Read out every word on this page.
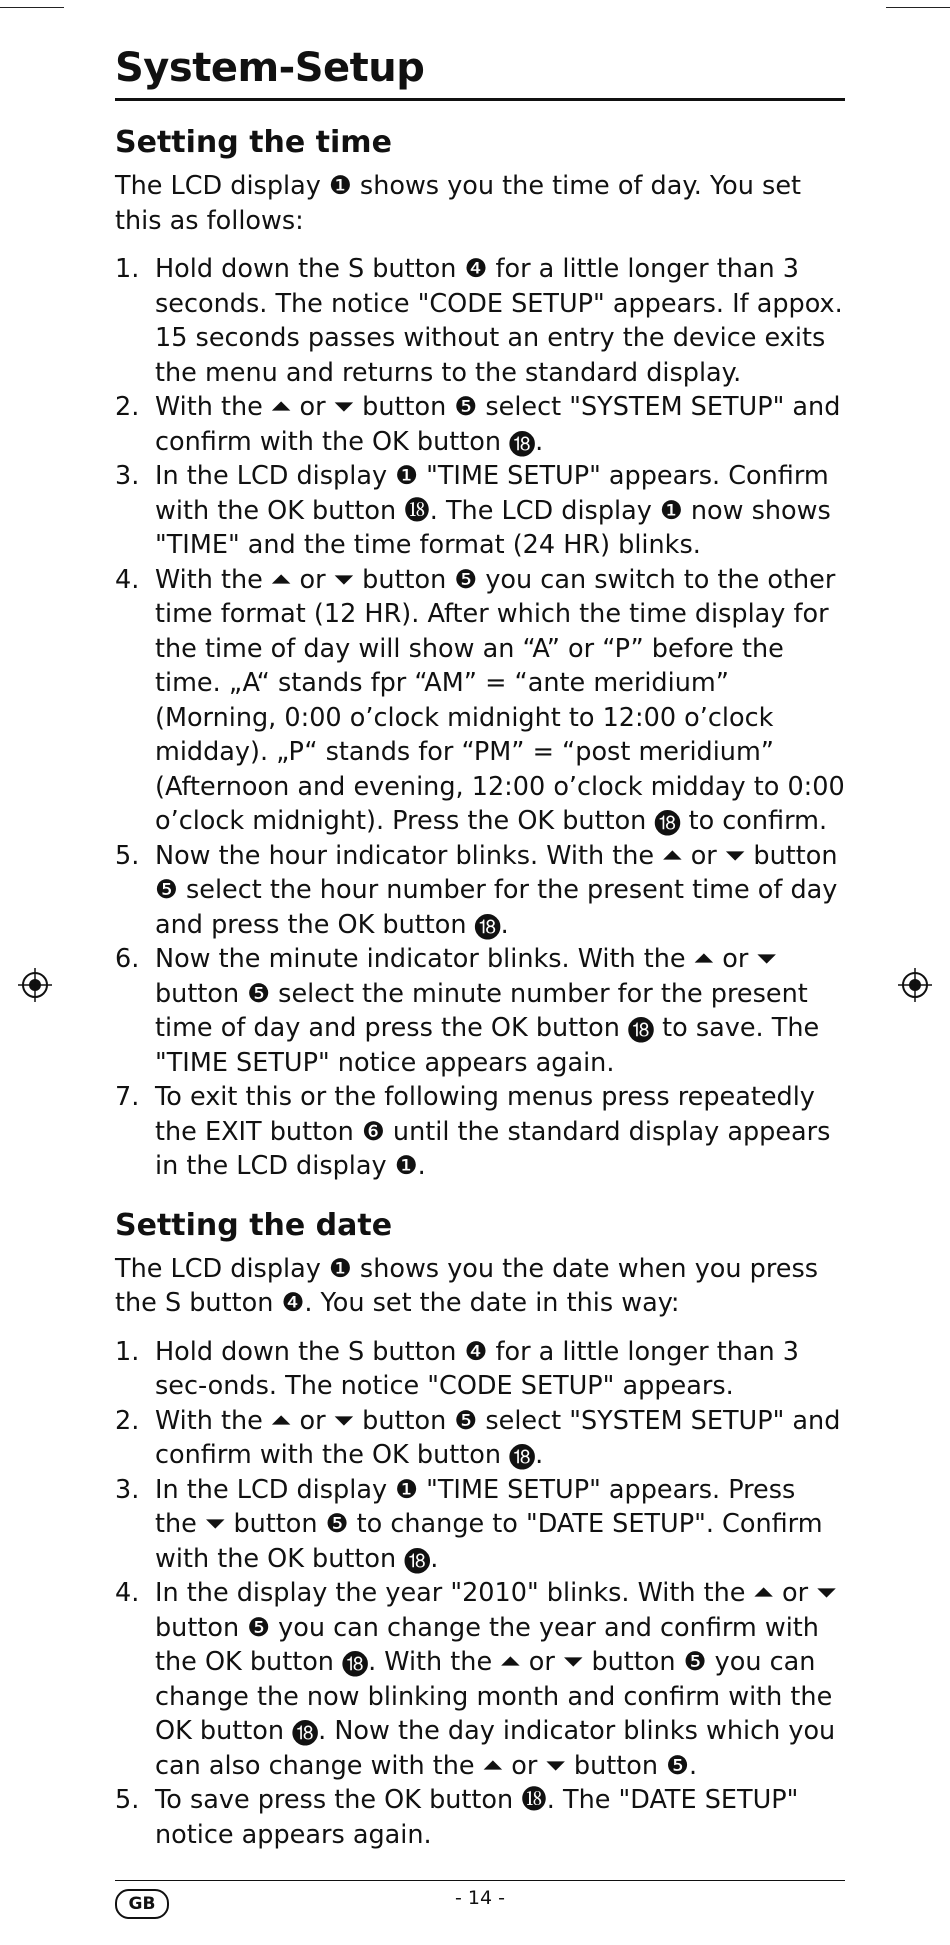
System-Setup
Setting the time

The LCD display ❶ shows you the time of day. You set this as follows:

1. Hold down the S button ❹ for a little longer than 3 seconds. The notice "CODE SETUP" appears. If appox. 15 seconds passes without an entry the device exits the menu and returns to the standard display.
2. With the ⏶ or ⏷ button ❺ select "SYSTEM SETUP" and confirm with the OK button ⓲.
3. In the LCD display ❶ "TIME SETUP" appears. Confirm with the OK button ⓲. The LCD display ❶ now shows "TIME" and the time format (24 HR) blinks.
4. With the ⏶ or ⏷ button ❺ you can switch to the other time format (12 HR). After which the time display for the time of day will show an “A” or “P” before the time. „A“ stands fpr “AM” = “ante meridium” (Morning, 0:00 o’clock midnight to 12:00 o’clock midday). „P“ stands for “PM” = “post meridium” (Afternoon and evening, 12:00 o’clock midday to 0:00 o’clock midnight). Press the OK button ⓲ to confirm.
5. Now the hour indicator blinks. With the ⏶ or ⏷ button ❺ select the hour number for the present time of day and press the OK button ⓲.
6. Now the minute indicator blinks. With the ⏶ or ⏷ button ❺ select the minute number for the present time of day and press the OK button ⓲ to save. The "TIME SETUP" notice appears again.
7. To exit this or the following menus press repeatedly the EXIT button ❻ until the standard display appears in the LCD display ❶.
Setting the date

The LCD display ❶ shows you the date when you press the S button ❹. You set the date in this way:

1. Hold down the S button ❹ for a little longer than 3 sec-onds. The notice "CODE SETUP" appears.
2. With the ⏶ or ⏷ button ❺ select "SYSTEM SETUP" and confirm with the OK button ⓲.
3. In the LCD display ❶ "TIME SETUP" appears. Press the ⏷ button ❺ to change to "DATE SETUP". Confirm with the OK button ⓲.
4. In the display the year "2010" blinks. With the ⏶ or ⏷ button ❺ you can change the year and confirm with the OK button ⓲. With the ⏶ or ⏷ button ❺ you can change the now blinking month and confirm with the OK button ⓲. Now the day indicator blinks which you can also change with the ⏶ or ⏷ button ❺.
5. To save press the OK button ⓲. The "DATE SETUP" notice appears again.
GB	- 14 -
